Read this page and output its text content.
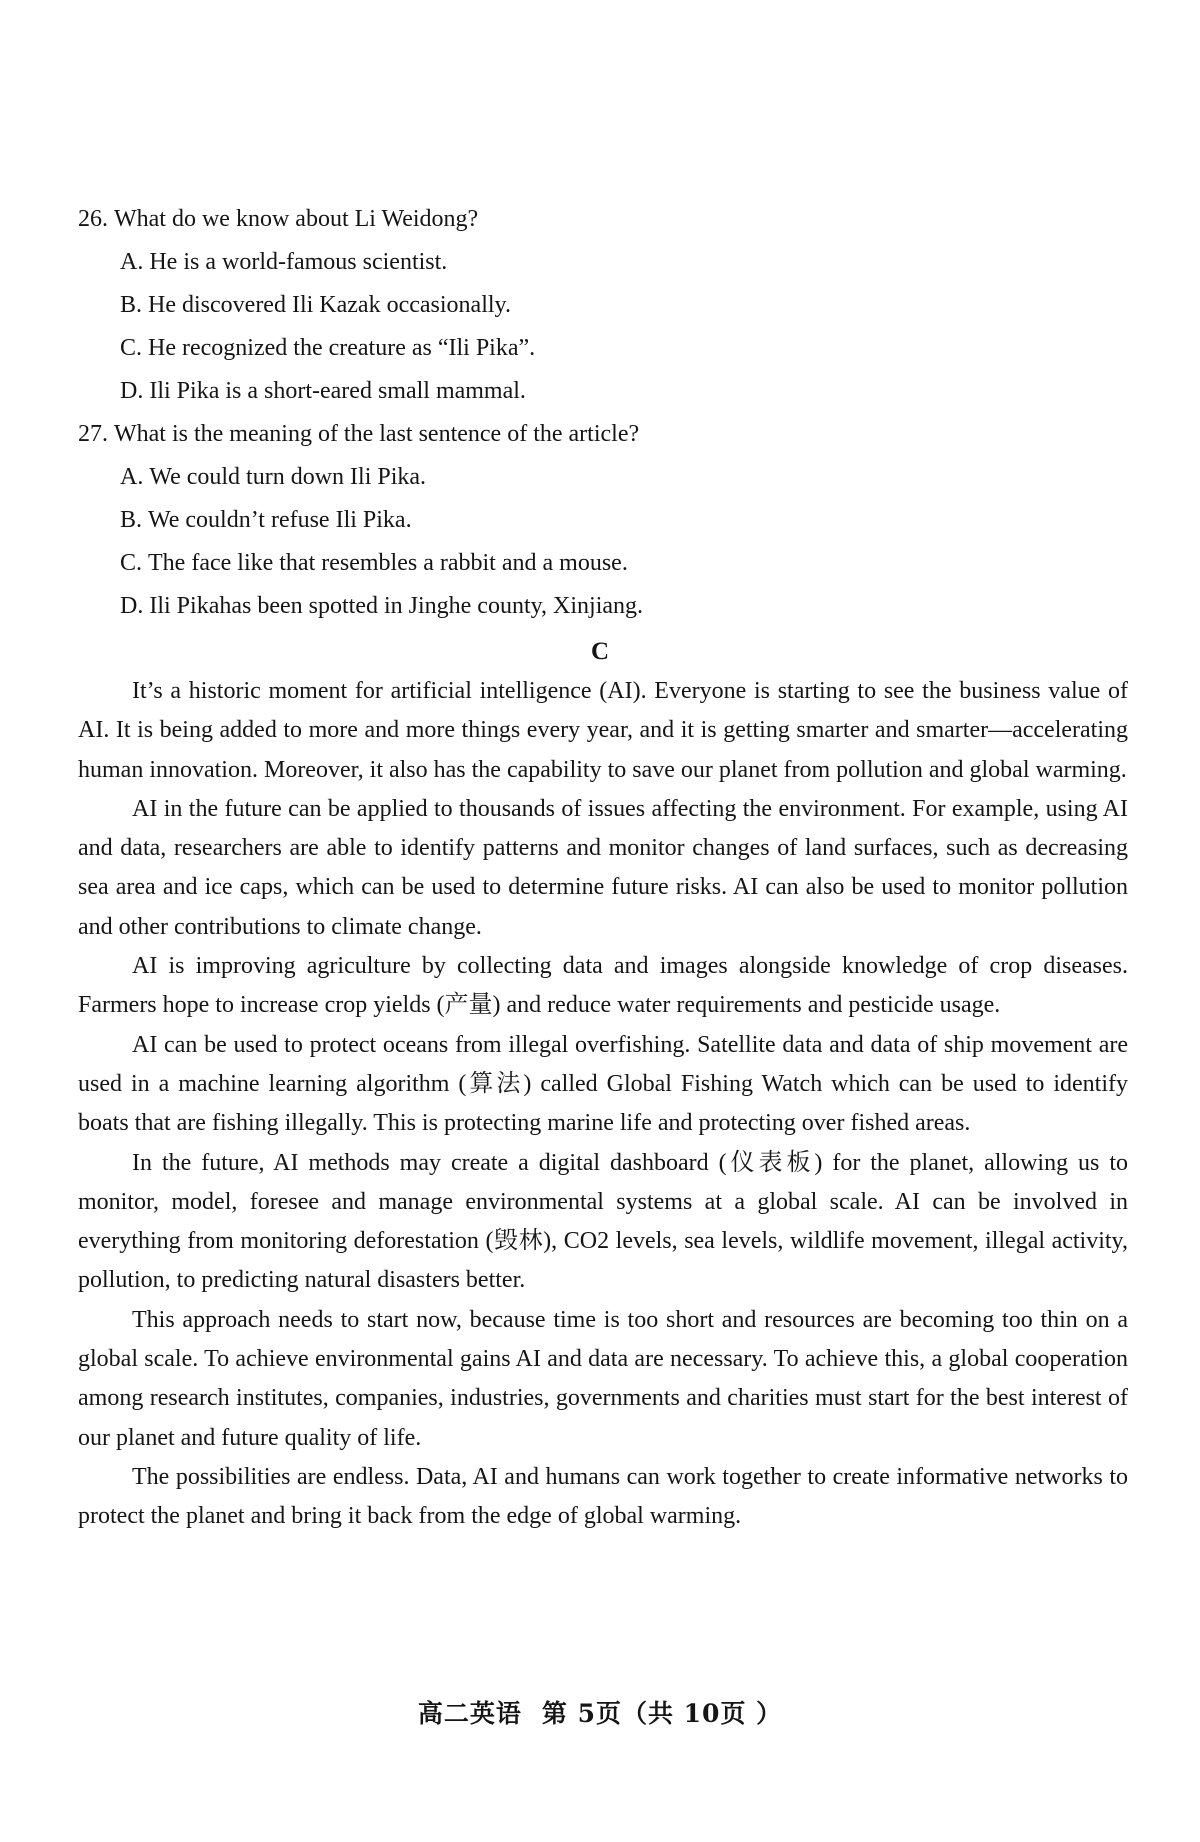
26. What do we know about Li Weidong?
A. He is a world-famous scientist.
B. He discovered Ili Kazak occasionally.
C. He recognized the creature as “Ili Pika”.
D. Ili Pika is a short-eared small mammal.
27. What is the meaning of the last sentence of the article?
A. We could turn down Ili Pika.
B. We couldn’t refuse Ili Pika.
C. The face like that resembles a rabbit and a mouse.
D. Ili Pikahas been spotted in Jinghe county, Xinjiang.
C

It’s a historic moment for artificial intelligence (AI). Everyone is starting to see the business value of AI. It is being added to more and more things every year, and it is getting smarter and smarter—accelerating human innovation. Moreover, it also has the capability to save our planet from pollution and global warming.

AI in the future can be applied to thousands of issues affecting the environment. For example, using AI and data, researchers are able to identify patterns and monitor changes of land surfaces, such as decreasing sea area and ice caps, which can be used to determine future risks. AI can also be used to monitor pollution and other contributions to climate change.

AI is improving agriculture by collecting data and images alongside knowledge of crop diseases. Farmers hope to increase crop yields (产量) and reduce water requirements and pesticide usage.

AI can be used to protect oceans from illegal overfishing. Satellite data and data of ship movement are used in a machine learning algorithm (算法) called Global Fishing Watch which can be used to identify boats that are fishing illegally. This is protecting marine life and protecting over fished areas.

In the future, AI methods may create a digital dashboard (仪表板) for the planet, allowing us to monitor, model, foresee and manage environmental systems at a global scale. AI can be involved in everything from monitoring deforestation (毁林), CO2 levels, sea levels, wildlife movement, illegal activity, pollution, to predicting natural disasters better.

This approach needs to start now, because time is too short and resources are becoming too thin on a global scale. To achieve environmental gains AI and data are necessary. To achieve this, a global cooperation among research institutes, companies, industries, governments and charities must start for the best interest of our planet and future quality of life.

The possibilities are endless. Data, AI and humans can work together to create informative networks to protect the planet and bring it back from the edge of global warming.

高二英语 第 5页（共 10页 ）
